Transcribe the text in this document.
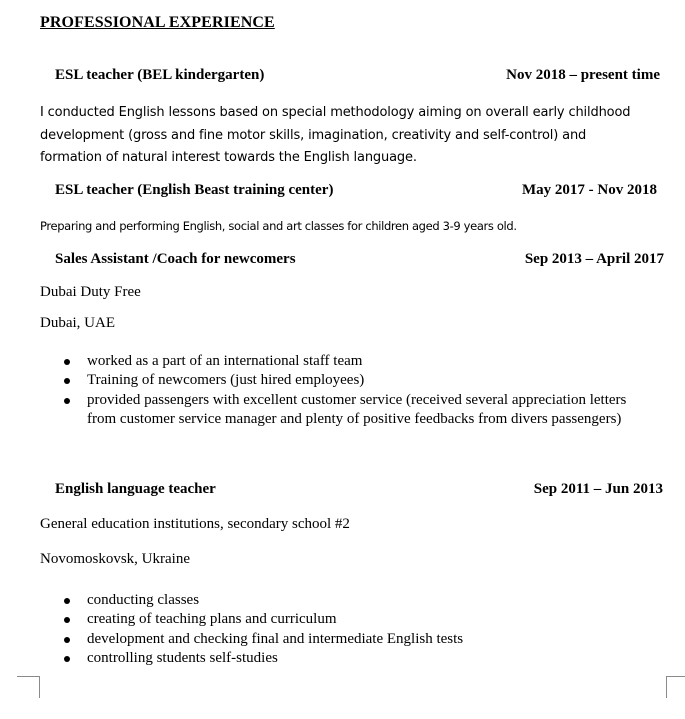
PROFESSIONAL EXPERIENCE
ESL teacher (BEL kindergarten)	Nov 2018 – present time
I conducted English lessons based on special methodology aiming on overall early childhood
development (gross and fine motor skills, imagination, creativity and self-control) and
formation of natural interest towards the English language.
ESL teacher (English Beast training center)	May 2017 - Nov 2018
Preparing and performing English, social and art classes for children aged 3-9 years old.
Sales Assistant /Coach for newcomers	Sep 2013 – April 2017
Dubai Duty Free
Dubai, UAE
worked as a part of an international staff team
Training of newcomers (just hired employees)
provided passengers with excellent customer service (received several appreciation letters
from customer service manager and plenty of positive feedbacks from divers passengers)
English language teacher	Sep 2011 – Jun 2013
General education institutions, secondary school #2
Novomoskovsk, Ukraine
conducting classes
creating of teaching plans and curriculum
development and checking final and intermediate English tests
controlling students self-studies
